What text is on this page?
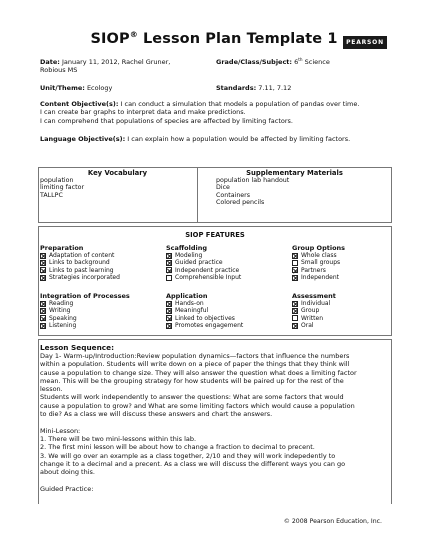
SIOP® Lesson Plan Template 1	PEARSON
Date: January 11, 2012, Rachel Gruner,
Robious MS
Grade/Class/Subject: 6th Science
Unit/Theme: Ecology	Standards: 7.11, 7.12
Content Objective(s): I can conduct a simulation that models a population of pandas over time.
I can create bar graphs to interpret data and make predictions.
I can comprehend that populations of species are affected by limiting factors.
Language Objective(s): I can explain how a population would be affected by limiting factors.
Key Vocabulary
population
limiting factor
TALLPC
Supplementary Materials
population lab handout
Dice
Containers
Colored pencils
SIOP FEATURES
Preparation
Adaptation of content
Links to background
Links to past learning
Strategies incorporated
Scaffolding
Modeling
Guided practice
Independent practice
Comprehensible Input
Group Options
Whole class
Small groups
Partners
Independent
Integration of Processes
Reading
Writing
Speaking
Listening
Application
Hands-on
Meaningful
Linked to objectives
Promotes engagement
Assessment
Individual
Group
Written
Oral
Lesson Sequence:

Day 1- Warm-up/Introduction:Review population dynamics—factors that influence the numbers

within a population. Students will write down on a piece of paper the things that they think will

cause a population to change size. They will also answer the question what does a limiting factor

mean. This will be the grouping strategy for how students will be paired up for the rest of the

lesson.

Students will work independently to answer the questions: What are some factors that would

cause a population to grow? and What are some limiting factors which would cause a population

to die? As a class we will discuss these answers and chart the answers.

Mini-Lesson:

1. There will be two mini-lessons within this lab.

2. The first mini lesson will be about how to change a fraction to decimal to precent.

3. We will go over an example as a class together, 2/10 and they will work indepedently to

change it to a decimal and a precent. As a class we will discuss the different ways you can go

about doing this.

Guided Practice:

© 2008 Pearson Education, Inc.
